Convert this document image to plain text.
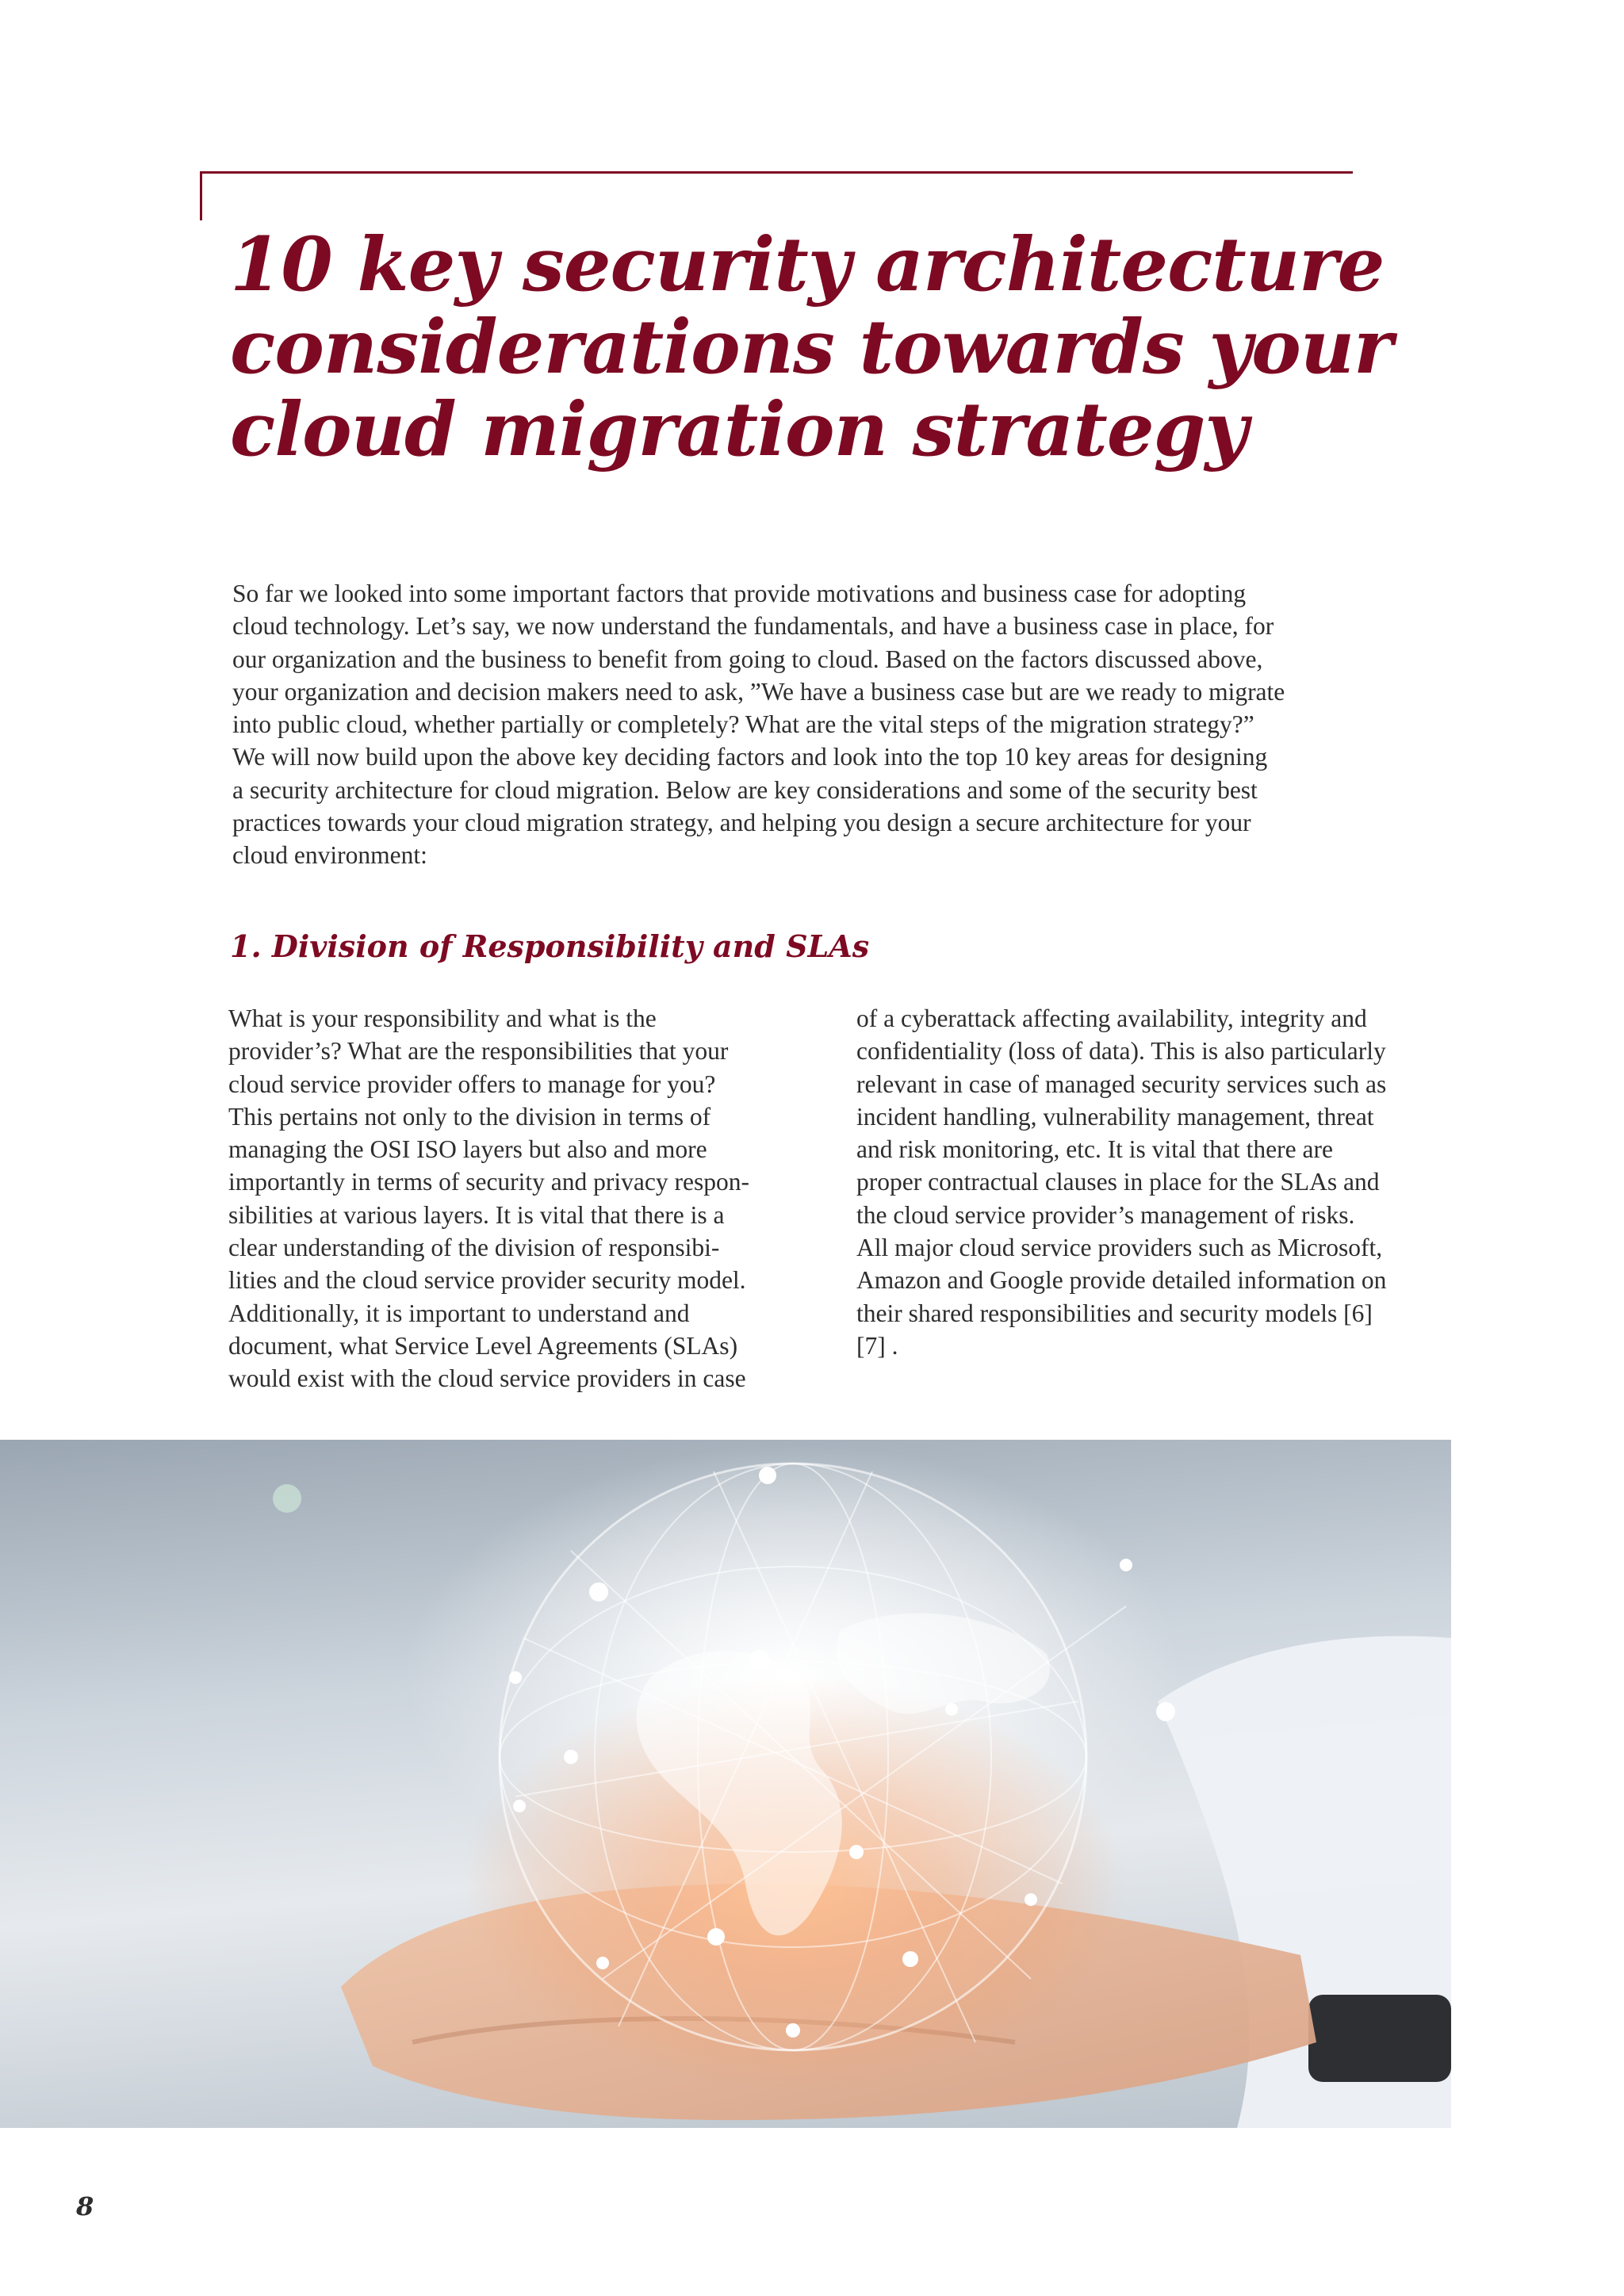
10 key security architecture
considerations towards your
cloud migration strategy
So far we looked into some important factors that provide motivations and business case for adopting
cloud technology. Let’s say, we now understand the fundamentals, and have a business case in place, for
our organization and the business to benefit from going to cloud. Based on the factors discussed above,
your organization and decision makers need to ask, ”We have a business case but are we ready to migrate
into public cloud, whether partially or completely? What are the vital steps of the migration strategy?”
We will now build upon the above key deciding factors and look into the top 10 key areas for designing
a security architecture for cloud migration. Below are key considerations and some of the security best
practices towards your cloud migration strategy, and helping you design a secure architecture for your
cloud environment:
1. Division of Responsibility and SLAs
What is your responsibility and what is the
provider’s? What are the responsibilities that your
cloud service provider offers to manage for you?
This pertains not only to the division in terms of
managing the OSI ISO layers but also and more
importantly in terms of security and privacy respon-
sibilities at various layers. It is vital that there is a
clear understanding of the division of responsibi-
lities and the cloud service provider security model.
Additionally, it is important to understand and
document, what Service Level Agreements (SLAs)
would exist with the cloud service providers in case
of a cyberattack affecting availability, integrity and
confidentiality (loss of data). This is also particularly
relevant in case of managed security services such as
incident handling, vulnerability management, threat
and risk monitoring, etc. It is vital that there are
proper contractual clauses in place for the SLAs and
the cloud service provider’s management of risks.
All major cloud service providers such as Microsoft,
Amazon and Google provide detailed information on
their shared responsibilities and security models [6]
[7] .
8
